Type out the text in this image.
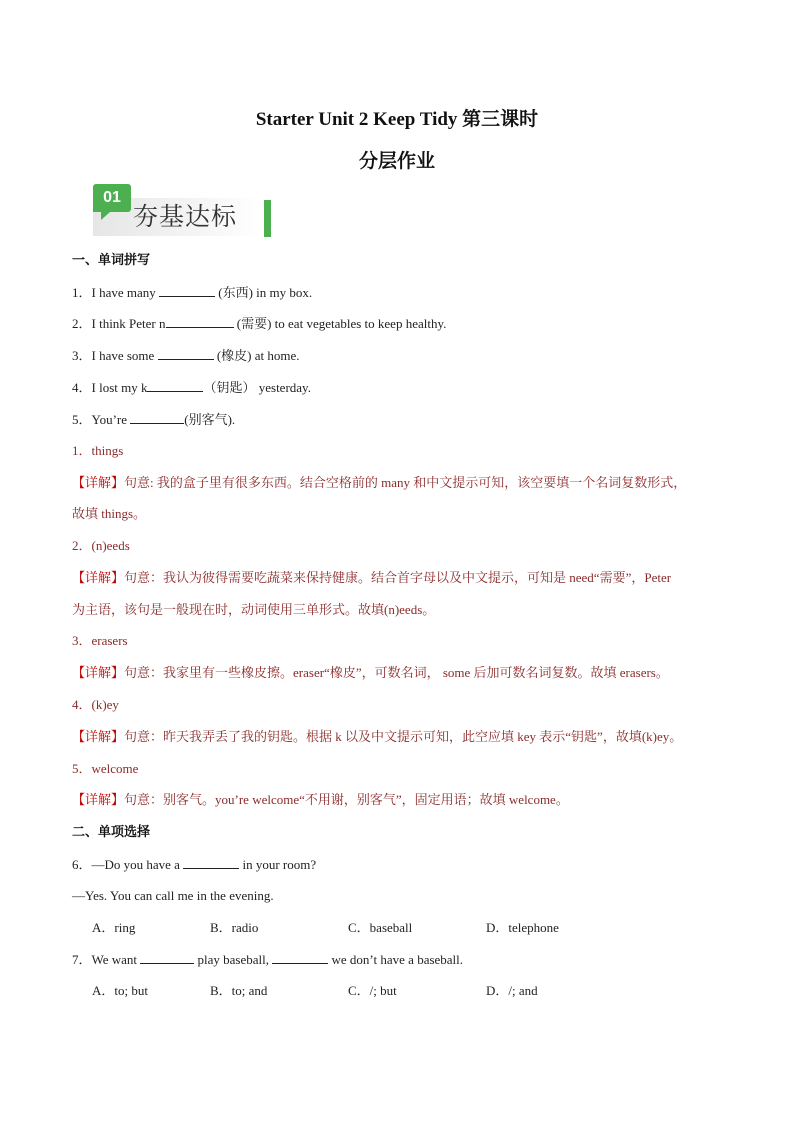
Starter Unit 2 Keep Tidy 第三课时
分层作业
01
夯基达标
一、单词拼写
1．I have many	(东西) in my box.
2．I think Peter n	(需要) to eat vegetables to keep healthy.
3．I have some	(橡皮) at home.
4．I lost my k	（钥匙） yesterday.
5．You’re	(别客气).
1．things
【详解】句意: 我的盒子里有很多东西。结合空格前的 many 和中文提示可知，该空要填一个名词复数形式，
故填 things。
2．(n)eeds
【详解】句意：我认为彼得需要吃蔬菜来保持健康。结合首字母以及中文提示，可知是 need“需要”，Peter
为主语，该句是一般现在时，动词使用三单形式。故填(n)eeds。
3．erasers
【详解】句意：我家里有一些橡皮擦。eraser“橡皮”，可数名词， some 后加可数名词复数。故填 erasers。
4．(k)ey
【详解】句意：昨天我弄丢了我的钥匙。根据 k 以及中文提示可知，此空应填 key 表示“钥匙”，故填(k)ey。
5．welcome
【详解】句意：别客气。you’re welcome“不用谢，别客气”，固定用语；故填 welcome。
二、单项选择
6．—Do you have a	in your room?
—Yes. You can call me in the evening.
A．ring	B．radio	C．baseball	D．telephone
7．We want	play baseball,	we don’t have a baseball.
A．to; but	B．to; and	C．/; but	D．/; and
